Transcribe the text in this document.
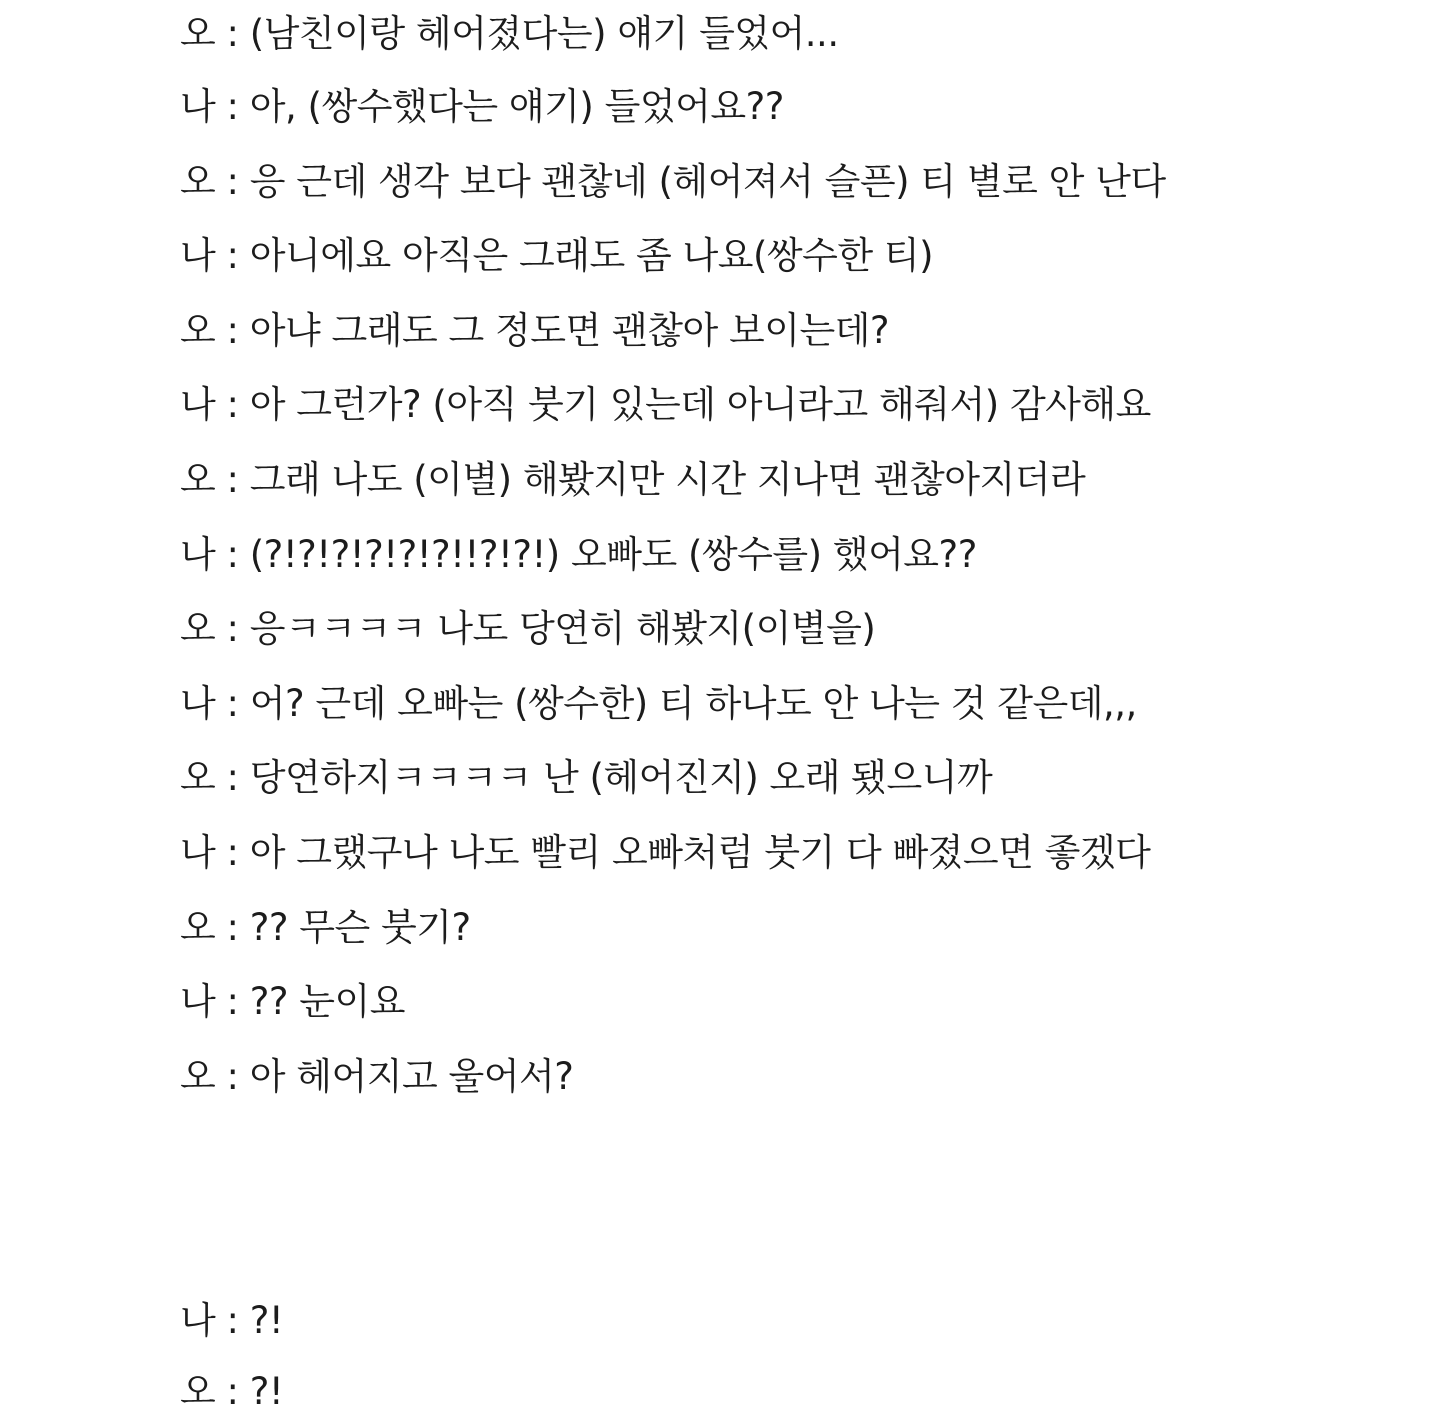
오 : (남친이랑 헤어졌다는) 얘기 들었어...
나 : 아, (쌍수했다는 얘기) 들었어요??
오 : 응 근데 생각 보다 괜찮네 (헤어져서 슬픈) 티 별로 안 난다
나 : 아니에요 아직은 그래도 좀 나요(쌍수한 티)
오 : 아냐 그래도 그 정도면 괜찮아 보이는데?
나 : 아 그런가? (아직 붓기 있는데 아니라고 해줘서) 감사해요
오 : 그래 나도 (이별) 해봤지만 시간 지나면 괜찮아지더라
나 : (?!?!?!?!?!?!!?!?!) 오빠도 (쌍수를) 했어요??
오 : 응ㅋㅋㅋㅋ 나도 당연히 해봤지(이별을)
나 : 어? 근데 오빠는 (쌍수한) 티 하나도 안 나는 것 같은데,,,
오 : 당연하지ㅋㅋㅋㅋ 난 (헤어진지) 오래 됐으니까
나 : 아 그랬구나 나도 빨리 오빠처럼 붓기 다 빠졌으면 좋겠다
오 : ?? 무슨 붓기?
나 : ?? 눈이요
오 : 아 헤어지고 울어서?
나 : ?!
오 : ?!
